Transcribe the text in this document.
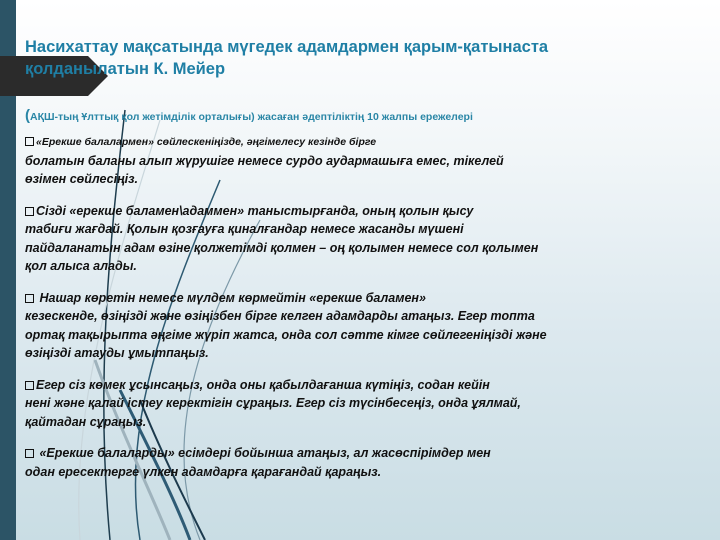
Насихаттау мақсатында мүгедек адамдармен қарым-қатынаста
қолданылатын К. Мейер
(АҚШ-тың Ұлттық қол жетімділік орталығы) жасаған әдептіліктің 10 жалпы ережелері
«Ерекше балалармен» сөйлескеніңізде, әңгімелесу кезінде бірге
болатын баланы алып жүрушіге немесе сурдо аудармашыға емес, тікелей
өзімен сөйлесіңіз.
Сізді «ерекше баламен\адаммен» таныстырғанда, оның қолын қысу
табиғи жағдай. Қолын қозғауға қиналғандар немесе жасанды мүшені
пайдаланатын адам өзіне қолжетімді қолмен – оң қолымен немесе сол қолымен
қол алыса алады.
Нашар көретін немесе мүлдем көрмейтін «ерекше баламен»
кезескенде, өзіңізді және өзіңізбен бірге келген адамдарды атаңыз. Егер топта
ортақ тақырыпта әңгіме жүріп жатса, онда сол сәтте кімге сөйлегеніңізді және
өзіңізді атауды ұмытпаңыз.
Егер сіз көмек ұсынсаңыз, онда оны қабылдағанша күтіңіз, содан кейін
нені және қалай істеу керектігін сұраңыз. Егер сіз түсінбесеңіз, онда ұялмай,
қайтадан сұраңыз.
«Ерекше балаларды» есімдері бойынша атаңыз, ал жасөспірімдер мен
одан ересектерге үлкен адамдарға қарағандай қараңыз.
